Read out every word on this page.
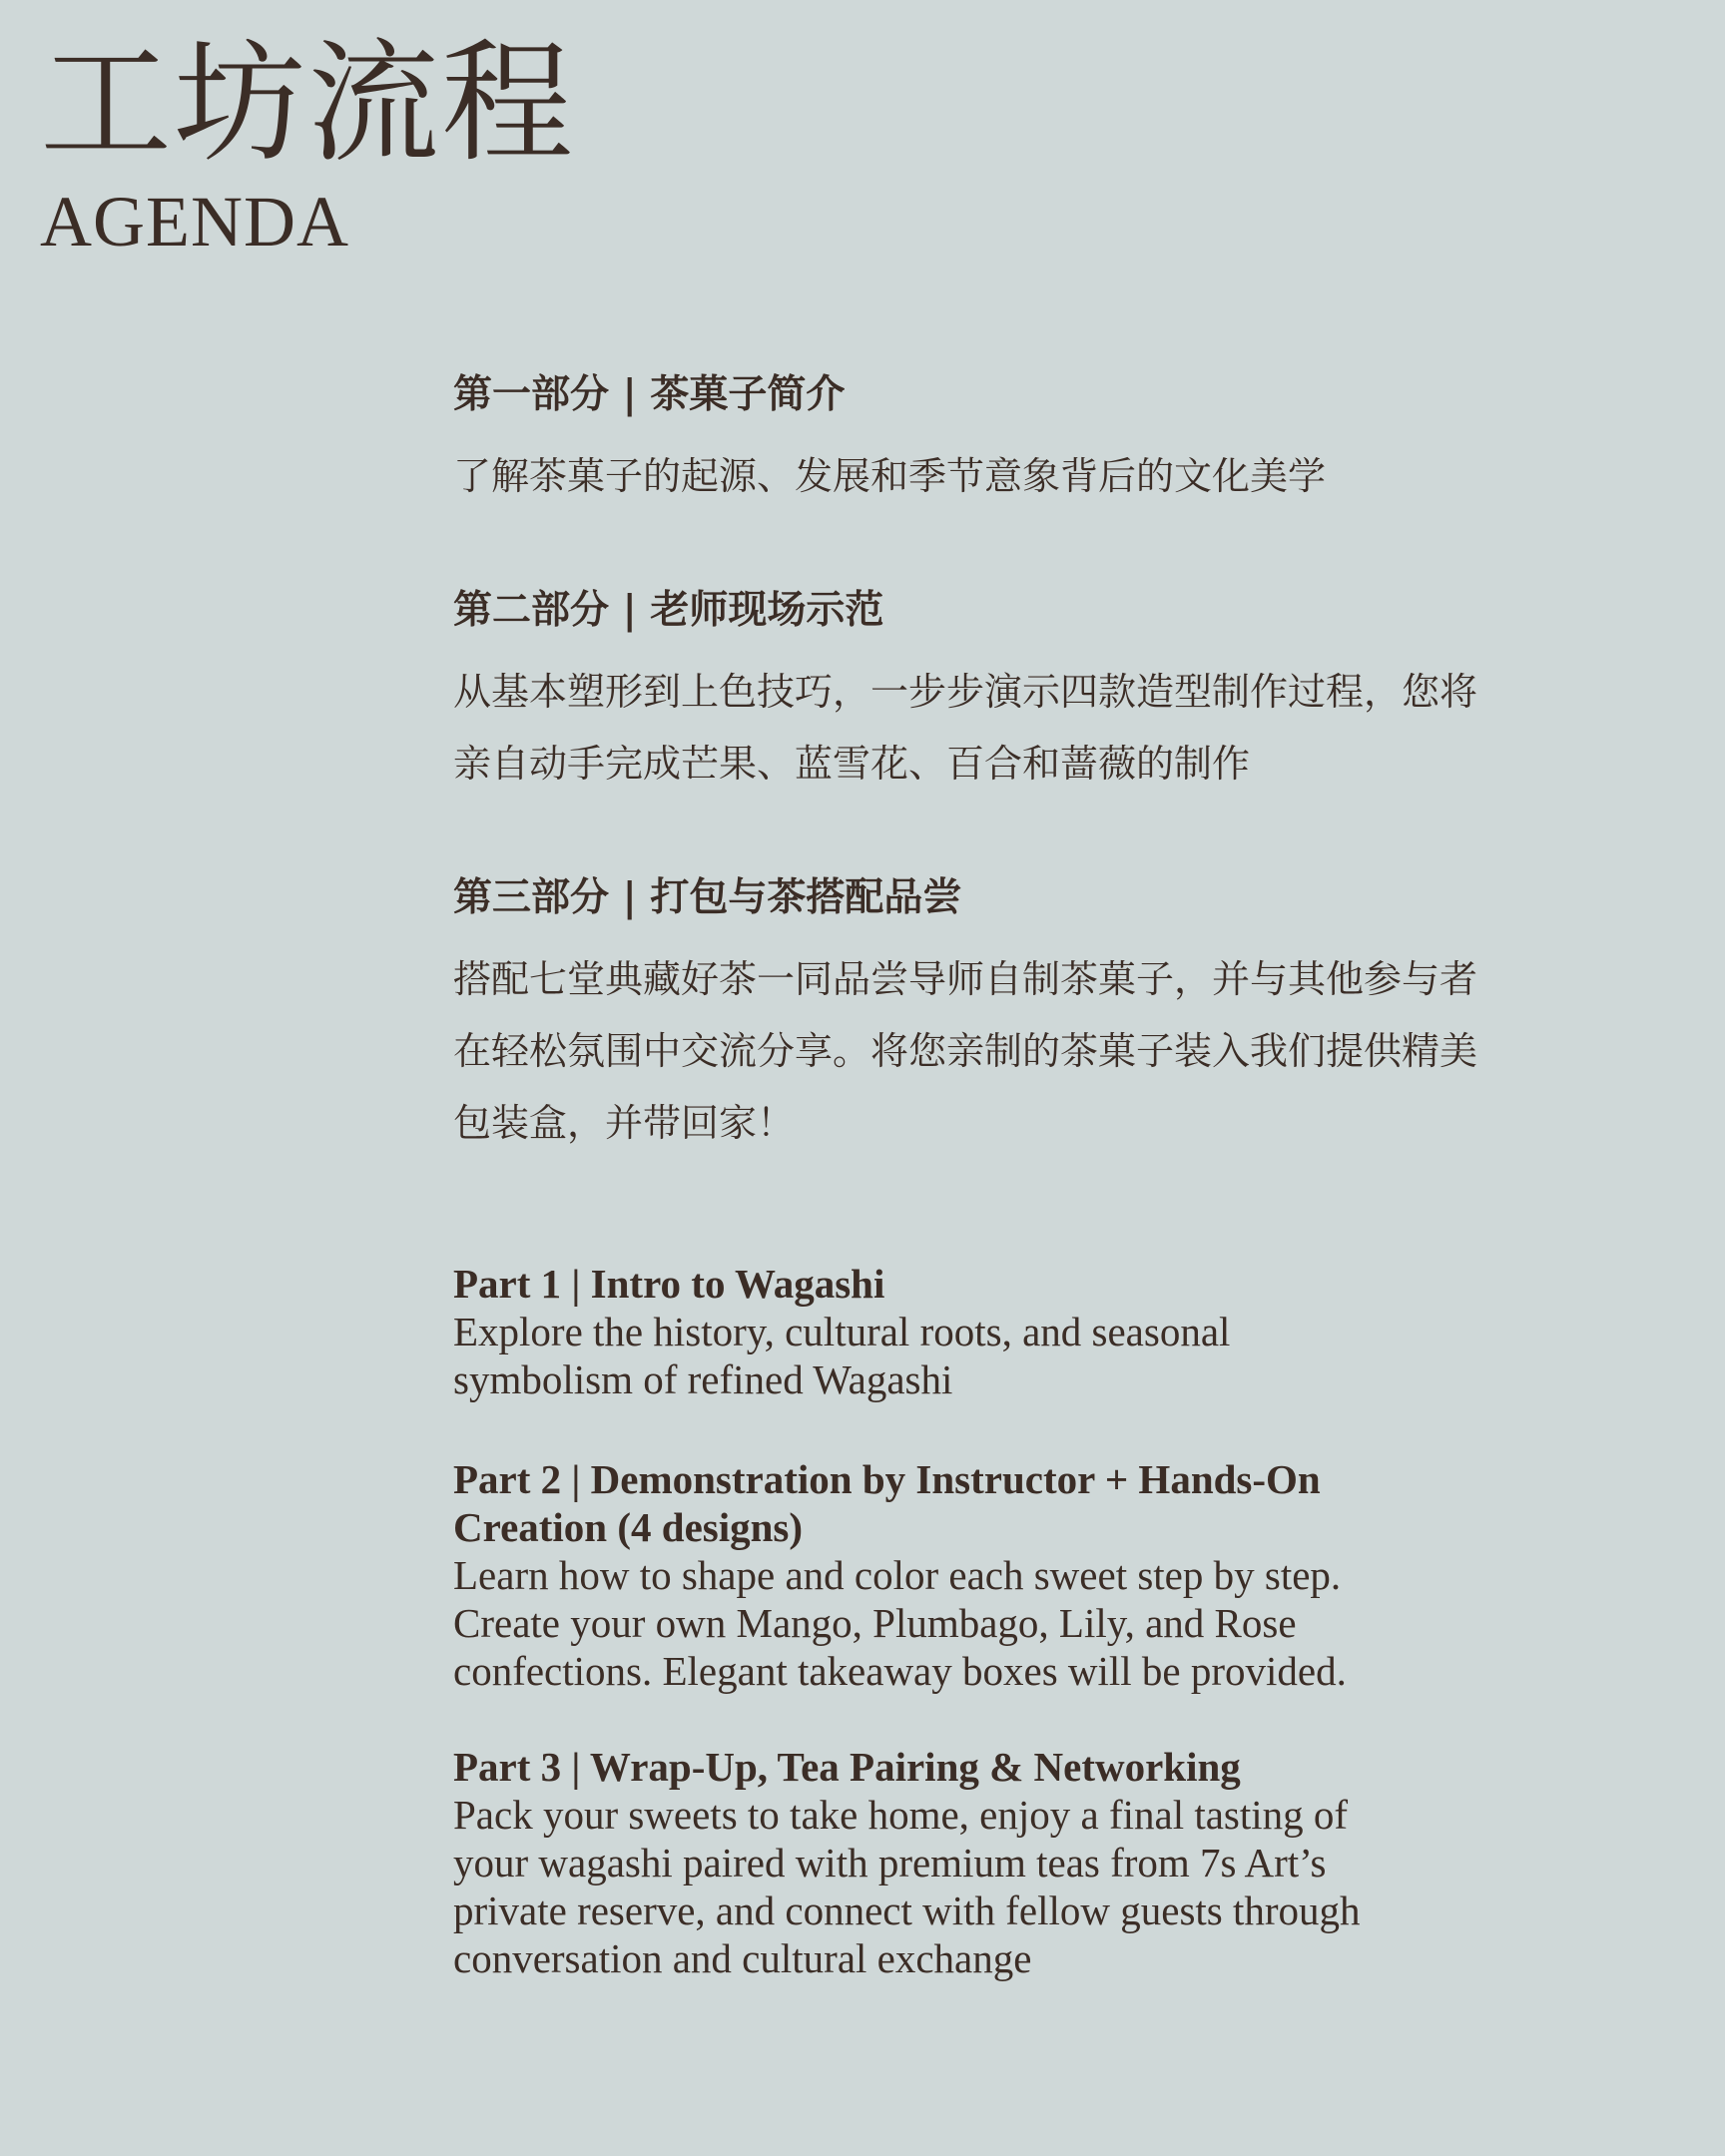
工坊流程
AGENDA
第一部分 | 茶菓子简介

了解茶菓子的起源、发展和季节意象背后的文化美学

第二部分 | 老师现场示范

从基本塑形到上色技巧，一步步演示四款造型制作过程，您将
亲自动手完成芒果、蓝雪花、百合和蔷薇的制作

第三部分 | 打包与茶搭配品尝

搭配七堂典藏好茶一同品尝导师自制茶菓子，并与其他参与者
在轻松氛围中交流分享。将您亲制的茶菓子装入我们提供精美
包装盒，并带回家！

Part 1 | Intro to Wagashi

Explore the history, cultural roots, and seasonal
symbolism of refined Wagashi

Part 2 | Demonstration by Instructor + Hands-On
Creation (4 designs)

Learn how to shape and color each sweet step by step.
Create your own Mango, Plumbago, Lily, and Rose
confections. Elegant takeaway boxes will be provided.

Part 3 | Wrap-Up, Tea Pairing & Networking

Pack your sweets to take home, enjoy a final tasting of
your wagashi paired with premium teas from 7s Art’s
private reserve, and connect with fellow guests through
conversation and cultural exchange
